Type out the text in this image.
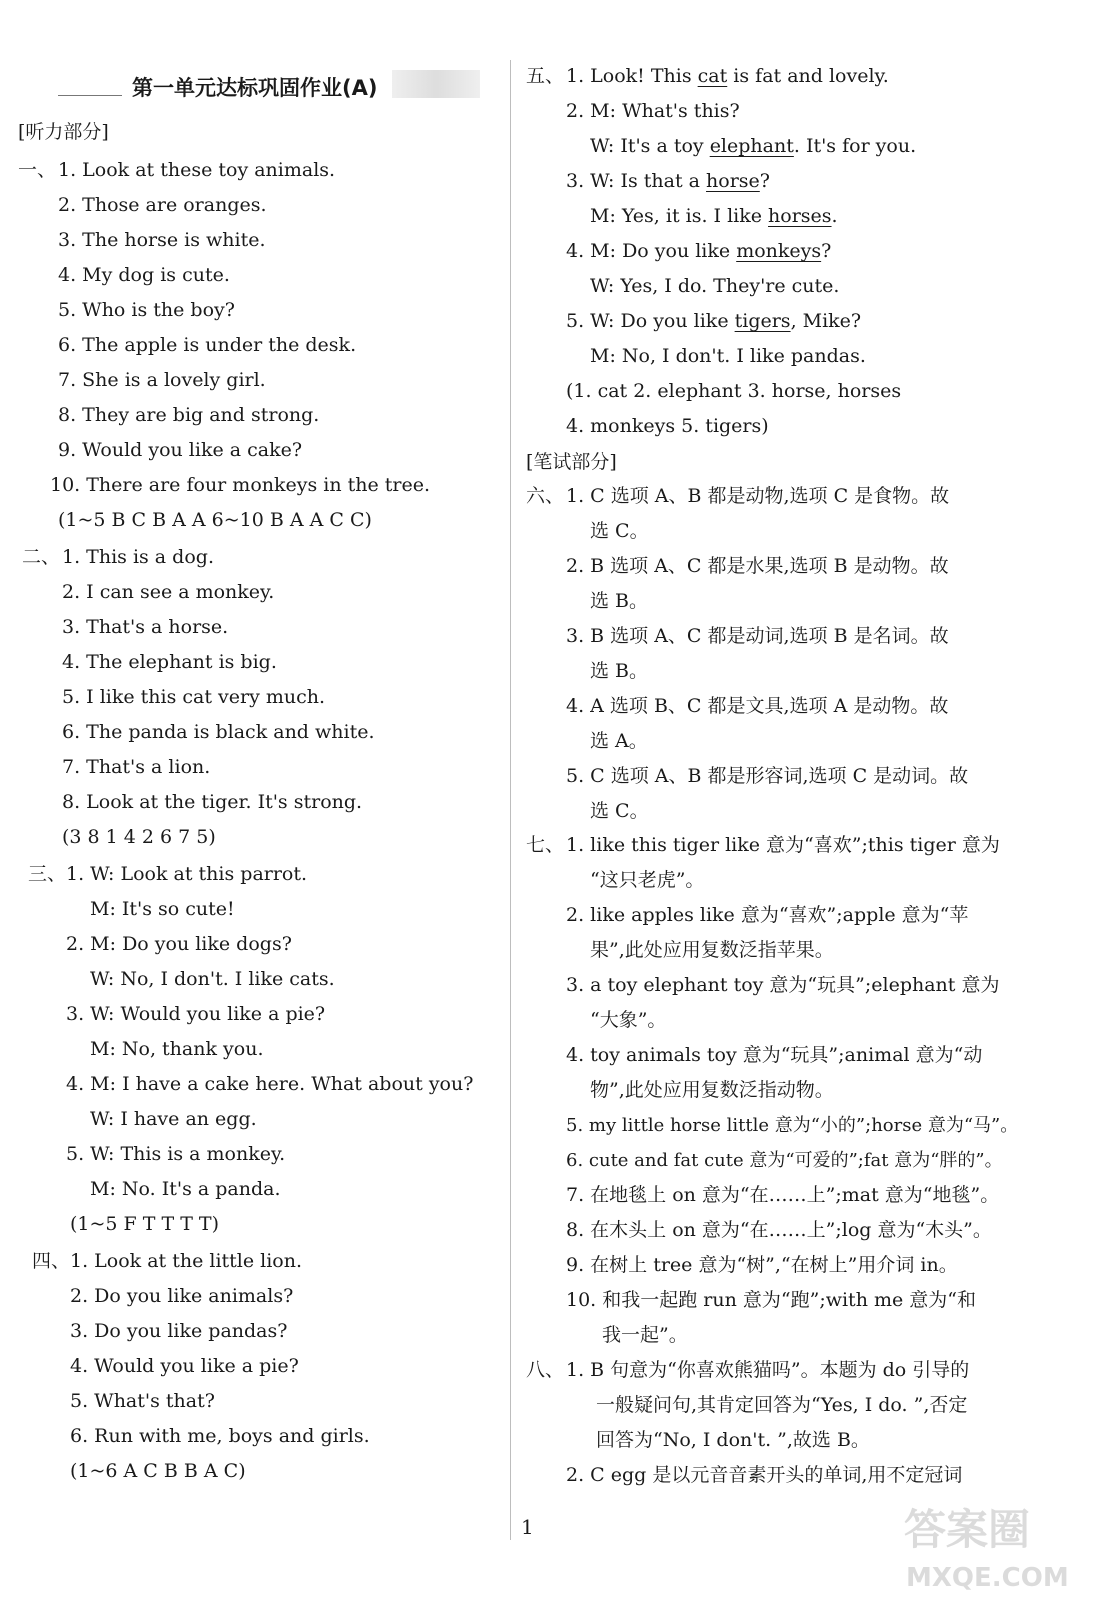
第一单元达标巩固作业(A)
[听力部分]
一、 1. Look at these toy animals.
2. Those are oranges.
3. The horse is white.
4. My dog is cute.
5. Who is the boy?
6. The apple is under the desk.
7. She is a lovely girl.
8. They are big and strong.
9. Would you like a cake?
10. There are four monkeys in the tree.
(1~5 B C B A A 6~10 B A A C C)
二、 1. This is a dog.
2. I can see a monkey.
3. That's a horse.
4. The elephant is big.
5. I like this cat very much.
6. The panda is black and white.
7. That's a lion.
8. Look at the tiger. It's strong.
(3 8 1 4 2 6 7 5)
三、 1. W: Look at this parrot.
M: It's so cute!
2. M: Do you like dogs?
W: No, I don't. I like cats.
3. W: Would you like a pie?
M: No, thank you.
4. M: I have a cake here. What about you?
W: I have an egg.
5. W: This is a monkey.
M: No. It's a panda.
(1~5 F T T T T)
四、 1. Look at the little lion.
2. Do you like animals?
3. Do you like pandas?
4. Would you like a pie?
5. What's that?
6. Run with me, boys and girls.
(1~6 A C B B A C)
五、 1. Look! This cat is fat and lovely.
2. M: What's this?
W: It's a toy elephant. It's for you.
3. W: Is that a horse?
M: Yes, it is. I like horses.
4. M: Do you like monkeys?
W: Yes, I do. They're cute.
5. W: Do you like tigers, Mike?
M: No, I don't. I like pandas.
(1. cat 2. elephant 3. horse, horses
4. monkeys 5. tigers)
[笔试部分]
六、 1. C 选项 A、B 都是动物,选项 C 是食物。故
选 C。
2. B 选项 A、C 都是水果,选项 B 是动物。故
选 B。
3. B 选项 A、C 都是动词,选项 B 是名词。故
选 B。
4. A 选项 B、C 都是文具,选项 A 是动物。故
选 A。
5. C 选项 A、B 都是形容词,选项 C 是动词。故
选 C。
七、 1. like this tiger like 意为“喜欢”;this tiger 意为
“这只老虎”。
2. like apples like 意为“喜欢”;apple 意为“苹
果”,此处应用复数泛指苹果。
3. a toy elephant toy 意为“玩具”;elephant 意为
“大象”。
4. toy animals toy 意为“玩具”;animal 意为“动
物”,此处应用复数泛指动物。
5. my little horse little 意为“小的”;horse 意为“马”。
6. cute and fat cute 意为“可爱的”;fat 意为“胖的”。
7. 在地毯上 on 意为“在……上”;mat 意为“地毯”。
8. 在木头上 on 意为“在……上”;log 意为“木头”。
9. 在树上 tree 意为“树”,“在树上”用介词 in。
10. 和我一起跑 run 意为“跑”;with me 意为“和
我一起”。
八、 1. B 句意为“你喜欢熊猫吗”。本题为 do 引导的
一般疑问句,其肯定回答为“Yes, I do. ”,否定
回答为“No, I don't. ”,故选 B。
2. C egg 是以元音音素开头的单词,用不定冠词
1	答案圈
MXQE.COM
